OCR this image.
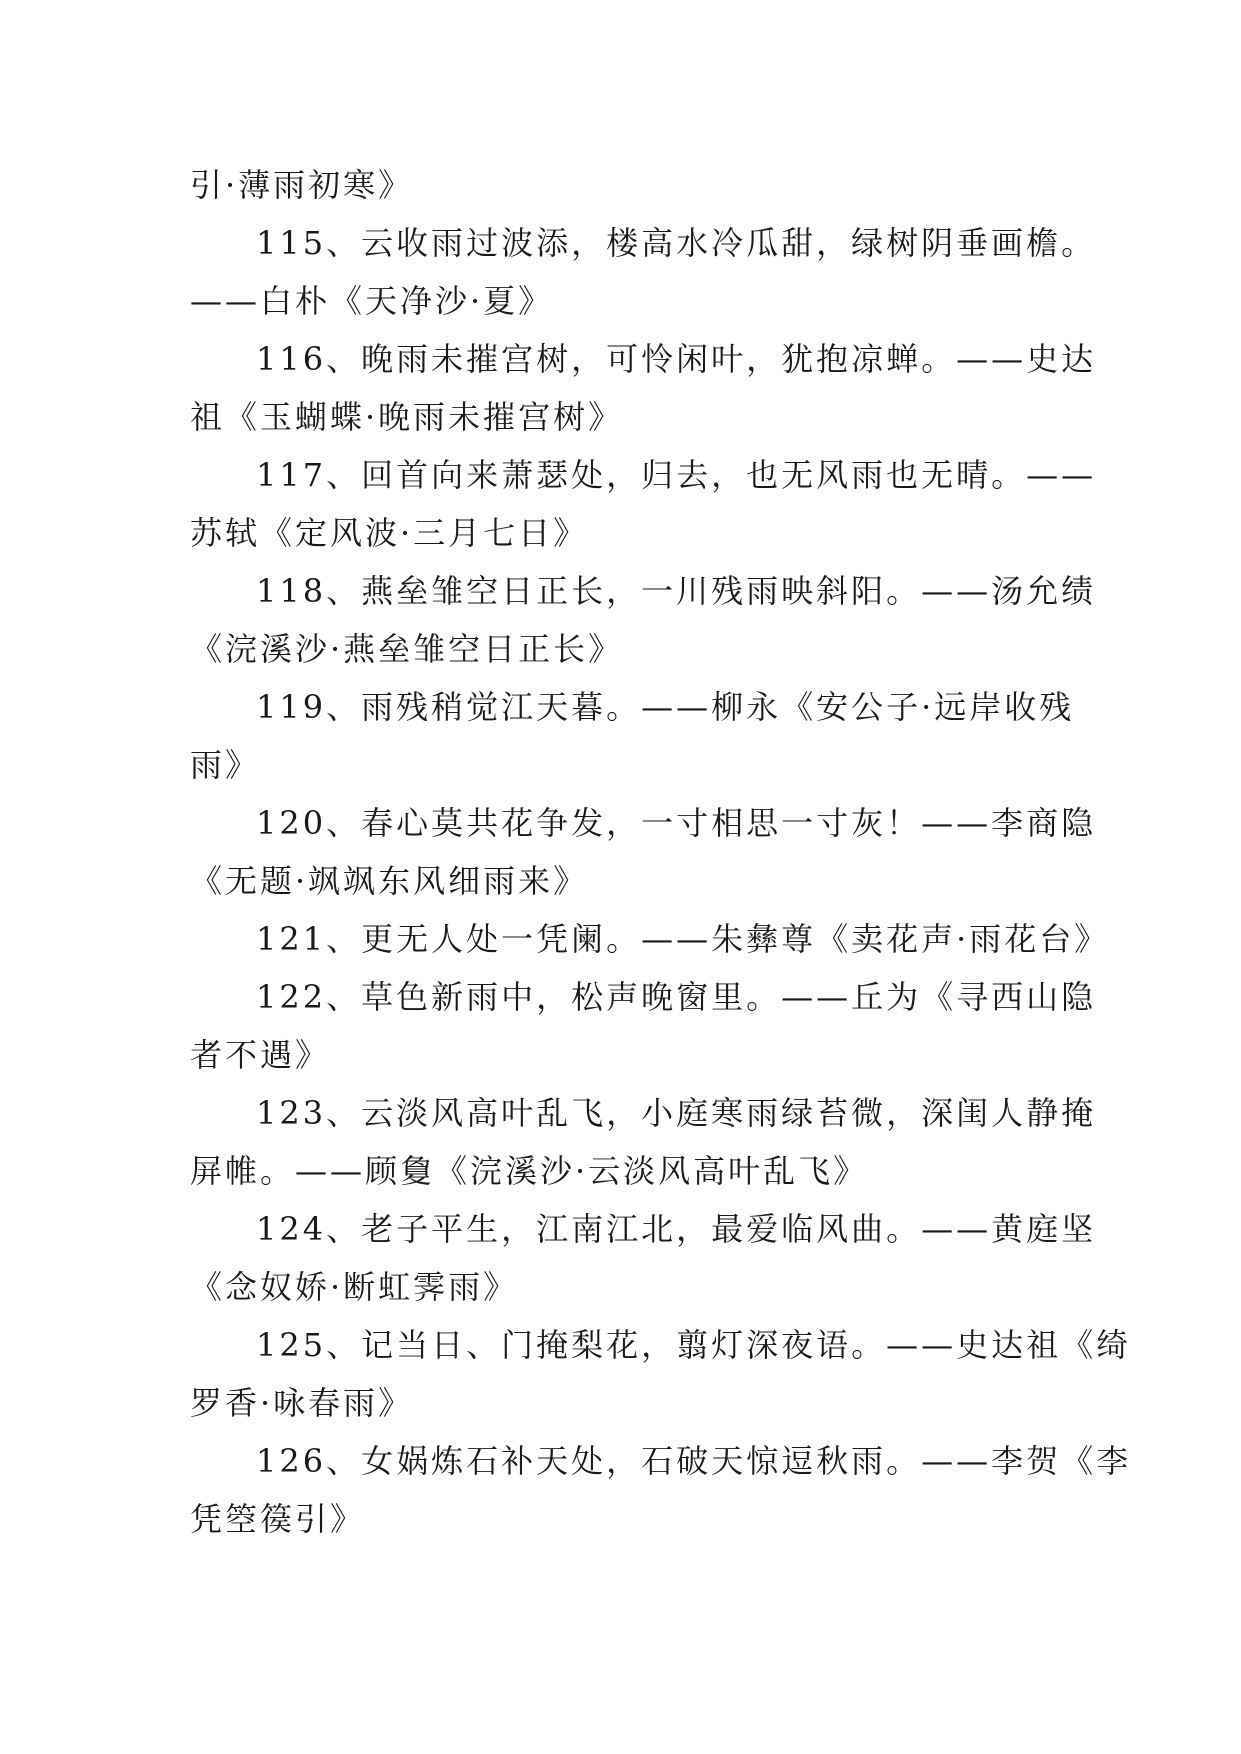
引·薄雨初寒》
115、云收雨过波添，楼高水冷瓜甜，绿树阴垂画檐。
——白朴《天净沙·夏》
116、晚雨未摧宫树，可怜闲叶，犹抱凉蝉。——史达
祖《玉蝴蝶·晚雨未摧宫树》
117、回首向来萧瑟处，归去，也无风雨也无晴。——
苏轼《定风波·三月七日》
118、燕垒雏空日正长，一川残雨映斜阳。——汤允绩
《浣溪沙·燕垒雏空日正长》
119、雨残稍觉江天暮。——柳永《安公子·远岸收残
雨》
120、春心莫共花争发，一寸相思一寸灰！——李商隐
《无题·飒飒东风细雨来》
121、更无人处一凭阑。——朱彝尊《卖花声·雨花台》
122、草色新雨中，松声晚窗里。——丘为《寻西山隐
者不遇》
123、云淡风高叶乱飞，小庭寒雨绿苔微，深闺人静掩
屏帷。——顾敻《浣溪沙·云淡风高叶乱飞》
124、老子平生，江南江北，最爱临风曲。——黄庭坚
《念奴娇·断虹霁雨》
125、记当日、门掩梨花，翦灯深夜语。——史达祖《绮
罗香·咏春雨》
126、女娲炼石补天处，石破天惊逗秋雨。——李贺《李
凭箜篌引》
